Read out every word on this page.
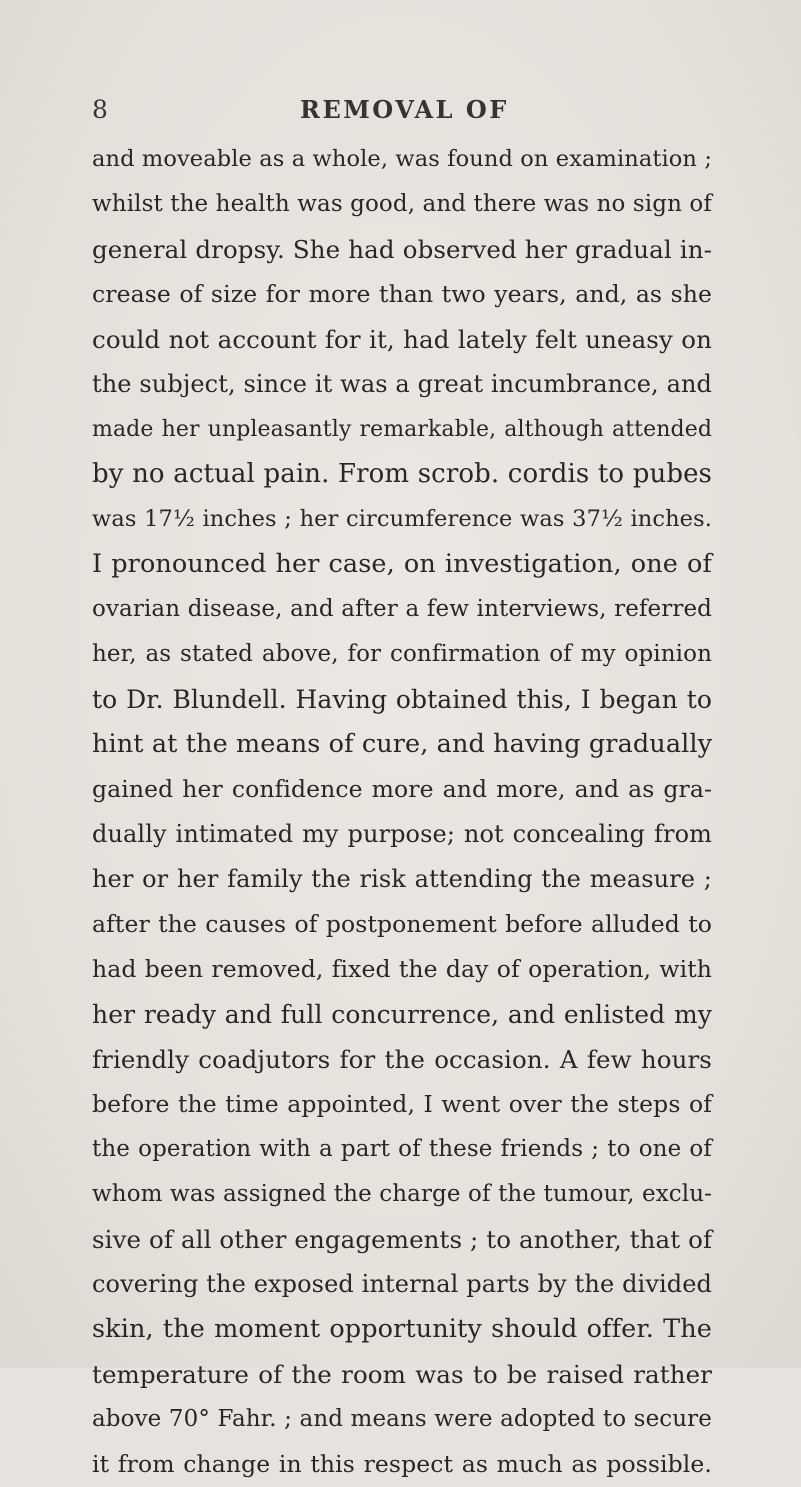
8	REMOVAL OF
and moveable as a whole, was found on examination ;
whilst the health was good, and there was no sign of
general dropsy. She had observed her gradual in-
crease of size for more than two years, and, as she
could not account for it, had lately felt uneasy on
the subject, since it was a great incumbrance, and
made her unpleasantly remarkable, although attended
by no actual pain. From scrob. cordis to pubes
was 17½ inches ; her circumference was 37½ inches.
I pronounced her case, on investigation, one of
ovarian disease, and after a few interviews, referred
her, as stated above, for confirmation of my opinion
to Dr. Blundell. Having obtained this, I began to
hint at the means of cure, and having gradually
gained her confidence more and more, and as gra-
dually intimated my purpose; not concealing from
her or her family the risk attending the measure ;
after the causes of postponement before alluded to
had been removed, fixed the day of operation, with
her ready and full concurrence, and enlisted my
friendly coadjutors for the occasion. A few hours
before the time appointed, I went over the steps of
the operation with a part of these friends ; to one of
whom was assigned the charge of the tumour, exclu-
sive of all other engagements ; to another, that of
covering the exposed internal parts by the divided
skin, the moment opportunity should offer. The
temperature of the room was to be raised rather
above 70° Fahr. ; and means were adopted to secure
it from change in this respect as much as possible.
